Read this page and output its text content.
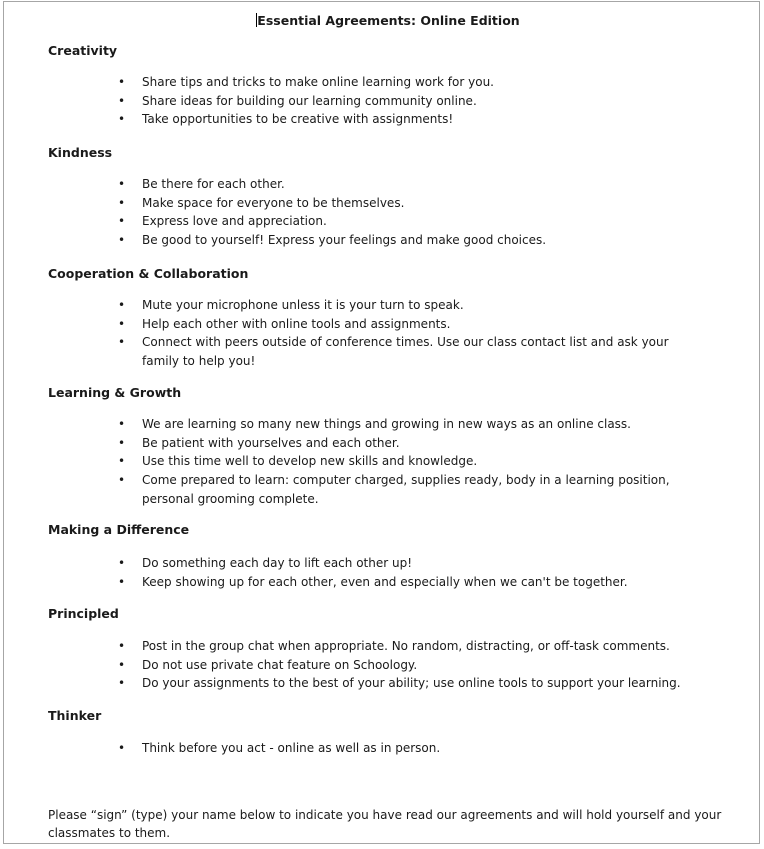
Essential Agreements: Online Edition

Creativity

• Share tips and tricks to make online learning work for you.
• Share ideas for building our learning community online.
• Take opportunities to be creative with assignments!

Kindness

• Be there for each other.
• Make space for everyone to be themselves.
• Express love and appreciation.
• Be good to yourself! Express your feelings and make good choices.

Cooperation & Collaboration

• Mute your microphone unless it is your turn to speak.
• Help each other with online tools and assignments.
• Connect with peers outside of conference times. Use our class contact list and ask your family to help you!

Learning & Growth

• We are learning so many new things and growing in new ways as an online class.
• Be patient with yourselves and each other.
• Use this time well to develop new skills and knowledge.
• Come prepared to learn: computer charged, supplies ready, body in a learning position, personal grooming complete.

Making a Difference

• Do something each day to lift each other up!
• Keep showing up for each other, even and especially when we can't be together.

Principled

• Post in the group chat when appropriate. No random, distracting, or off-task comments.
• Do not use private chat feature on Schoology.
• Do your assignments to the best of your ability; use online tools to support your learning.

Thinker

• Think before you act - online as well as in person.

Please “sign” (type) your name below to indicate you have read our agreements and will hold yourself and your classmates to them.
